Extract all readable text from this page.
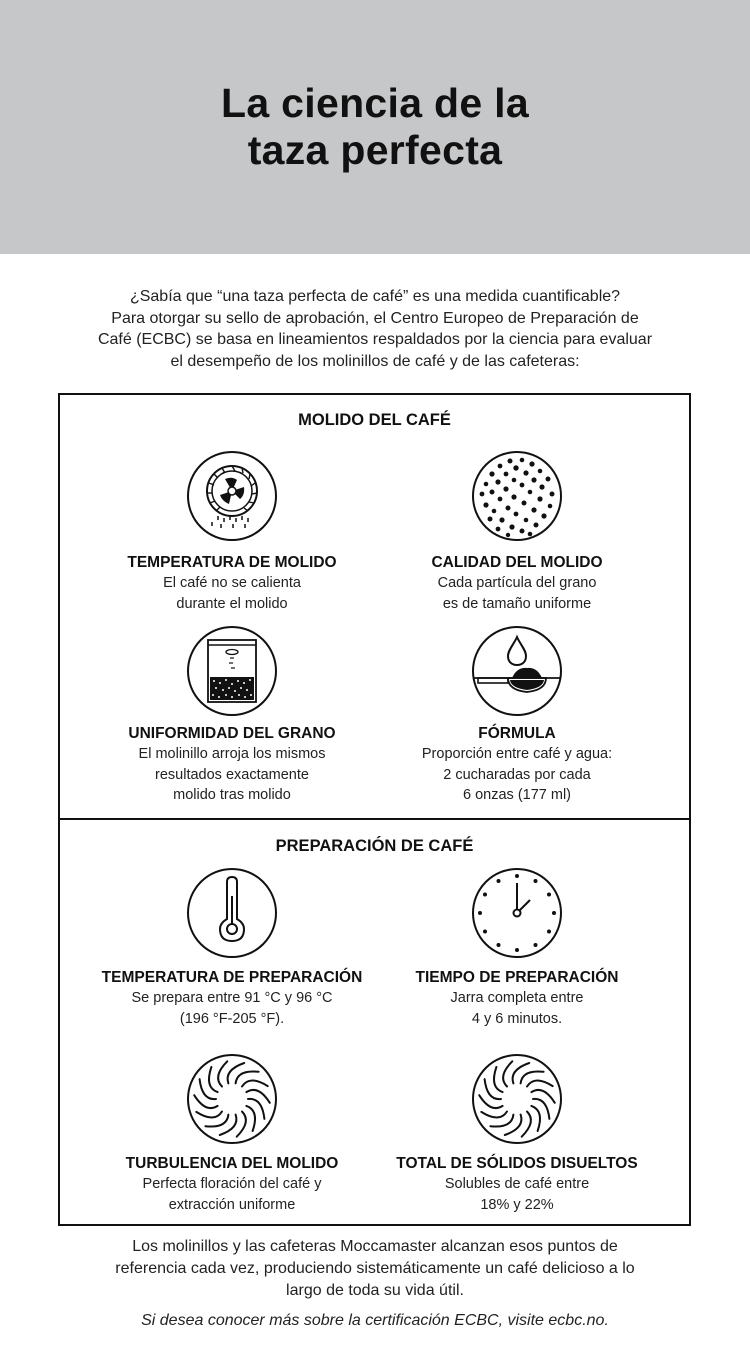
La ciencia de la
taza perfecta

¿Sabía que “una taza perfecta de café” es una medida cuantificable?
Para otorgar su sello de aprobación, el Centro Europeo de Preparación de
Café (ECBC) se basa en lineamientos respaldados por la ciencia para evaluar
el desempeño de los molinillos de café y de las cafeteras:

MOLIDO DEL CAFÉ
TEMPERATURA DE MOLIDO

El café no se calienta
durante el molido

CALIDAD DEL MOLIDO

Cada partícula del grano
es de tamaño uniforme

UNIFORMIDAD DEL GRANO

El molinillo arroja los mismos
resultados exactamente
molido tras molido

FÓRMULA

Proporción entre café y agua:
2 cucharadas por cada
6 onzas (177 ml)

PREPARACIÓN DE CAFÉ
TEMPERATURA DE PREPARACIÓN

Se prepara entre 91 °C y 96 °C
(196 °F-205 °F).

TIEMPO DE PREPARACIÓN

Jarra completa entre
4 y 6 minutos.

TURBULENCIA DEL MOLIDO

Perfecta floración del café y
extracción uniforme

TOTAL DE SÓLIDOS DISUELTOS

Solubles de café entre
18% y 22%

Los molinillos y las cafeteras Moccamaster alcanzan esos puntos de
referencia cada vez, produciendo sistemáticamente un café delicioso a lo
largo de toda su vida útil.

Si desea conocer más sobre la certificación ECBC, visite ecbc.no.
